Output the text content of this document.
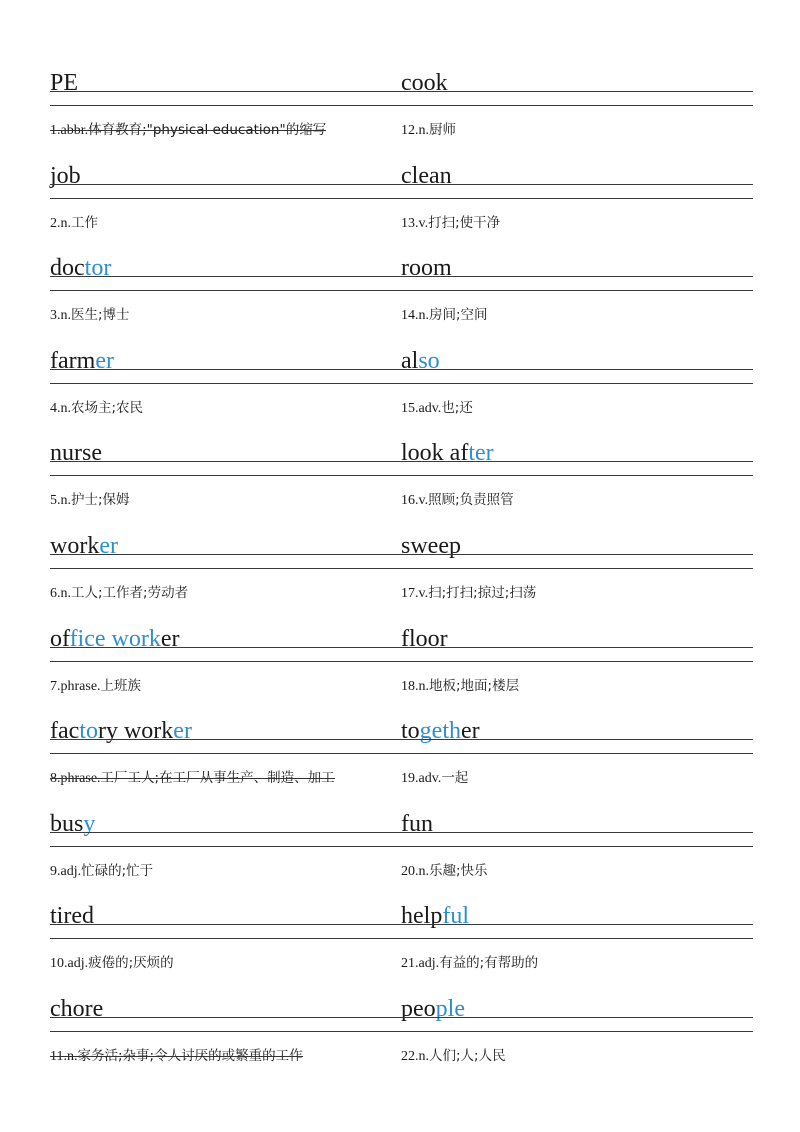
PE
1.abbr.体育教育;"physical education"的缩写
job
2.n.工作
doctor
3.n.医生;博士
farmer
4.n.农场主;农民
nurse
5.n.护士;保姆
worker
6.n.工人;工作者;劳动者
office worker
7.phrase.上班族
factory worker
8.phrase.工厂工人;在工厂从事生产、制造、加工
busy
9.adj.忙碌的;忙于
tired
10.adj.疲倦的;厌烦的
chore
11.n.家务活;杂事;令人讨厌的或繁重的工作
cook
12.n.厨师
clean
13.v.打扫;使干净
room
14.n.房间;空间
also
15.adv.也;还
look after
16.v.照顾;负责照管
sweep
17.v.扫;打扫;掠过;扫荡
floor
18.n.地板;地面;楼层
together
19.adv.一起
fun
20.n.乐趣;快乐
helpful
21.adj.有益的;有帮助的
people
22.n.人们;人;人民
